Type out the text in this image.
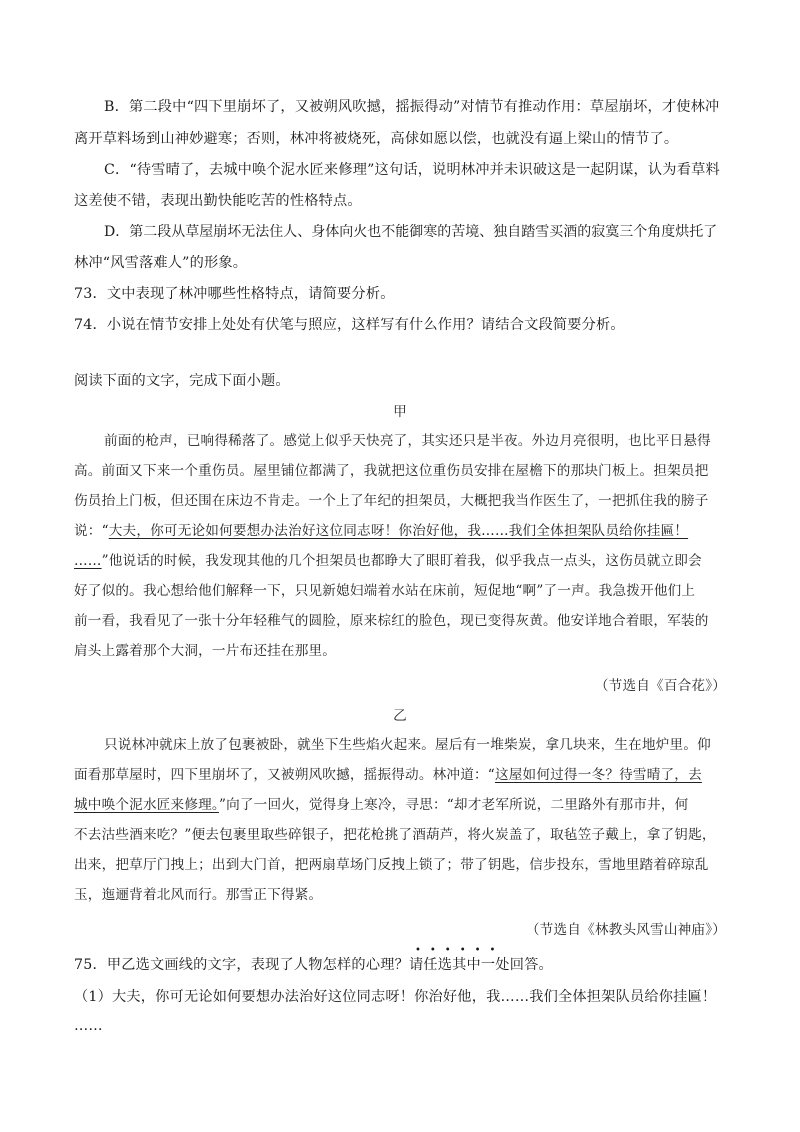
B．第二段中“四下里崩坏了，又被朔风吹撼，摇振得动”对情节有推动作用：草屋崩坏，才使林冲
离开草料场到山神妙避寒；否则，林冲将被烧死，高俅如愿以偿，也就没有逼上梁山的情节了。
C．“待雪晴了，去城中唤个泥水匠来修理”这句话，说明林冲并未识破这是一起阴谋，认为看草料
这差使不错，表现出勤快能吃苦的性格特点。
D．第二段从草屋崩坏无法住人、身体向火也不能御寒的苦境、独自踏雪买酒的寂寞三个角度烘托了
林冲“风雪落难人”的形象。
73．文中表现了林冲哪些性格特点，请简要分析。
74．小说在情节安排上处处有伏笔与照应，这样写有什么作用？请结合文段简要分析。
阅读下面的文字，完成下面小题。
甲
前面的枪声，已响得稀落了。感觉上似乎天快亮了，其实还只是半夜。外边月亮很明，也比平日悬得
高。前面又下来一个重伤员。屋里铺位都满了，我就把这位重伤员安排在屋檐下的那块门板上。担架员把
伤员抬上门板，但还围在床边不肯走。一个上了年纪的担架员，大概把我当作医生了，一把抓住我的膀子
说：“大夫，你可无论如何要想办法治好这位同志呀！你治好他，我……我们全体担架队员给你挂匾！
……”他说话的时候，我发现其他的几个担架员也都睁大了眼盯着我，似乎我点一点头，这伤员就立即会
好了似的。我心想给他们解释一下，只见新媳妇端着水站在床前，短促地“啊”了一声。我急拨开他们上
前一看，我看见了一张十分年轻稚气的圆脸，原来棕红的脸色，现已变得灰黄。他安详地合着眼，军装的
肩头上露着那个大洞，一片布还挂在那里。
（节选自《百合花》）
乙
只说林冲就床上放了包裹被卧，就坐下生些焰火起来。屋后有一堆柴炭，拿几块来，生在地炉里。仰
面看那草屋时，四下里崩坏了，又被朔风吹撼，摇振得动。林冲道：“这屋如何过得一冬？待雪晴了，去
城中唤个泥水匠来修理。”向了一回火，觉得身上寒冷，寻思：“却才老军所说，二里路外有那市井，何
不去沽些酒来吃？”便去包裹里取些碎银子，把花枪挑了酒葫芦，将火炭盖了，取毡笠子戴上，拿了钥匙，
出来，把草厅门拽上；出到大门首，把两扇草场门反拽上锁了；带了钥匙，信步投东，雪地里踏着碎琼乱
玉，迤逦背着北风而行。那雪正下得紧。
（节选自《林教头风雪山神庙》）
••••••
75．甲乙选文画线的文字，表现了人物怎样的心理？请任选其中一处回答。
（1）大夫，你可无论如何要想办法治好这位同志呀！你治好他，我……我们全体担架队员给你挂匾！
……
